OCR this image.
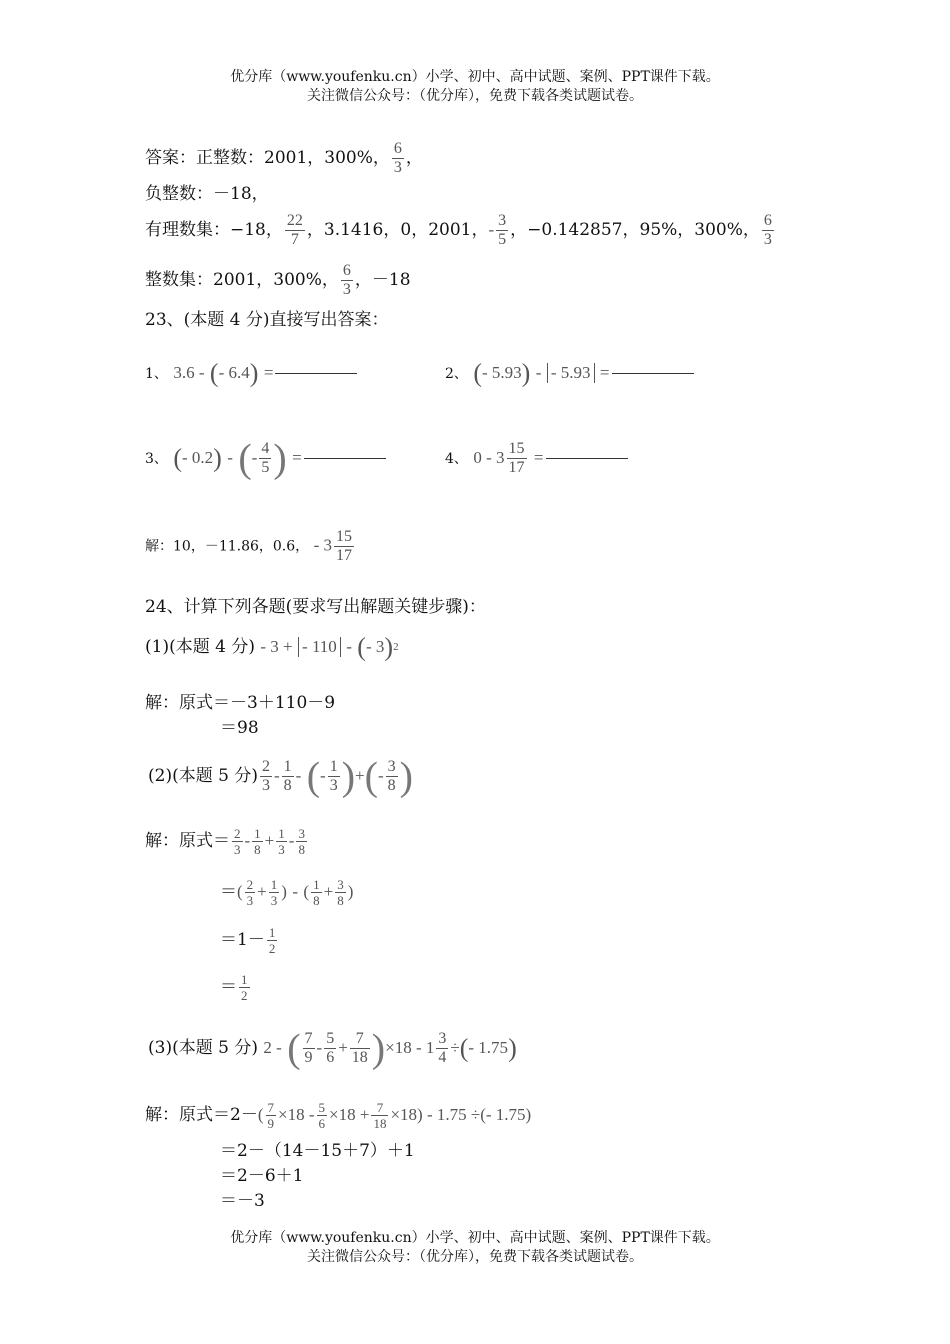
优分库（www.youfenku.cn）小学、初中、高中试题、案例、PPT课件下载。
关注微信公众号：（优分库），免费下载各类试题试卷。
答案：正整数：2001，300%， $\frac{6}{3}$ ，
负整数：－18，
有理数集：−18， $\frac{22}{7}$ ，3.1416，0，2001，- $\frac{3}{5}$ ，−0.142857，95%，300%， $\frac{6}{3}$
整数集：2001，300%， $\frac{6}{3}$ ，－18
23、(本题 4 分)直接写出答案：
1、 3.6 - (- 6.4) =	2、 (- 5.93) - - 5.93 =
3、 (- 0.2) - (- $\frac{4}{5}$ ) =	4、 $0 - 3 \frac{15}{17}$ =
解：10，－11.86，0.6， - $3 \frac{15}{17}$
24、计算下列各题(要求写出解题关键步骤)：
(1)(本题 4 分) - 3 + - 110 - (- 3)$^2$
解：原式＝－3＋110－9
＝98
(2)(本题 5 分) $\frac{2}{3} - \frac{1}{8}$ - (- $\frac{1}{3}$ )+(- $\frac{3}{8}$ )
解：原式＝ $\frac{2}{3} - \frac{1}{8} + \frac{1}{3} - \frac{3}{8}$
＝( $\frac{2}{3} + \frac{1}{3}$ ) - ( $\frac{1}{8} + \frac{3}{8}$ )
$=1- \frac{1}{2}$
＝ $\frac{1}{2}$
(3)(本题 5 分) 2 - ( $\frac{7}{9} - \frac{5}{6} + \frac{7}{18} )\times 18 - 1 \frac{3}{4}$ ÷(- 1.75)
解：原式$=2-( \frac{7}{9} \times 18 - \frac{5}{6} \times 18 + \frac{7}{18} \times 18) - 1.75$ ÷(- 1.75)
＝2－（14－15＋7）＋1
＝2－6＋1
＝－3
优分库（www.youfenku.cn）小学、初中、高中试题、案例、PPT课件下载。
关注微信公众号：（优分库），免费下载各类试题试卷。
